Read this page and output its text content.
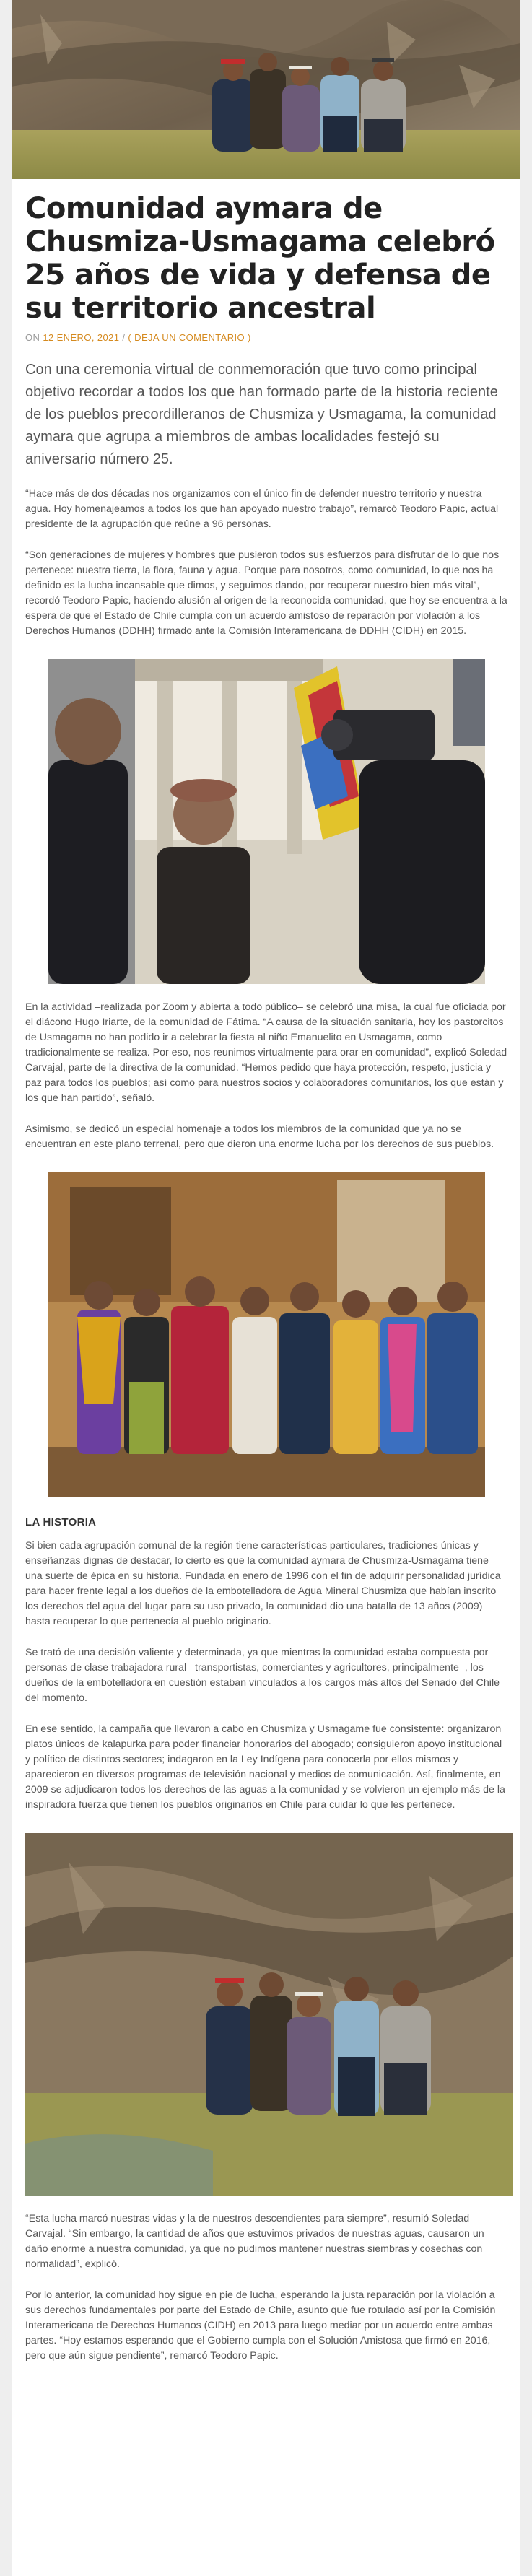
Comunidad aymara de Chusmiza-Usmagama celebró 25 años de vida y defensa de su territorio ancestral
ON 12 ENERO, 2021 / ( DEJA UN COMENTARIO )
Con una ceremonia virtual de conmemoración que tuvo como principal objetivo recordar a todos los que han formado parte de la historia reciente de los pueblos precordilleranos de Chusmiza y Usmagama, la comunidad aymara que agrupa a miembros de ambas localidades festejó su aniversario número 25.

“Hace más de dos décadas nos organizamos con el único fin de defender nuestro territorio y nuestra agua. Hoy homenajeamos a todos los que han apoyado nuestro trabajo”, remarcó Teodoro Papic, actual presidente de la agrupación que reúne a 96 personas.

“Son generaciones de mujeres y hombres que pusieron todos sus esfuerzos para disfrutar de lo que nos pertenece: nuestra tierra, la flora, fauna y agua. Porque para nosotros, como comunidad, lo que nos ha definido es la lucha incansable que dimos, y seguimos dando, por recuperar nuestro bien más vital”, recordó Teodoro Papic, haciendo alusión al origen de la reconocida comunidad, que hoy se encuentra a la espera de que el Estado de Chile cumpla con un acuerdo amistoso de reparación por violación a los Derechos Humanos (DDHH) firmado ante la Comisión Interamericana de DDHH (CIDH) en 2015.

En la actividad –realizada por Zoom y abierta a todo público– se celebró una misa, la cual fue oficiada por el diácono Hugo Iriarte, de la comunidad de Fátima. “A causa de la situación sanitaria, hoy los pastorcitos de Usmagama no han podido ir a celebrar la fiesta al niño Emanuelito en Usmagama, como tradicionalmente se realiza. Por eso, nos reunimos virtualmente para orar en comunidad”, explicó Soledad Carvajal, parte de la directiva de la comunidad. “Hemos pedido que haya protección, respeto, justicia y paz para todos los pueblos; así como para nuestros socios y colaboradores comunitarios, los que están y los que han partido”, señaló.

Asimismo, se dedicó un especial homenaje a todos los miembros de la comunidad que ya no se encuentran en este plano terrenal, pero que dieron una enorme lucha por los derechos de sus pueblos.

LA HISTORIA

Si bien cada agrupación comunal de la región tiene características particulares, tradiciones únicas y enseñanzas dignas de destacar, lo cierto es que la comunidad aymara de Chusmiza-Usmagama tiene una suerte de épica en su historia. Fundada en enero de 1996 con el fin de adquirir personalidad jurídica para hacer frente legal a los dueños de la embotelladora de Agua Mineral Chusmiza que habían inscrito los derechos del agua del lugar para su uso privado, la comunidad dio una batalla de 13 años (2009) hasta recuperar lo que pertenecía al pueblo originario.

Se trató de una decisión valiente y determinada, ya que mientras la comunidad estaba compuesta por personas de clase trabajadora rural –transportistas, comerciantes y agricultores, principalmente–, los dueños de la embotelladora en cuestión estaban vinculados a los cargos más altos del Senado del Chile del momento.

En ese sentido, la campaña que llevaron a cabo en Chusmiza y Usmagame fue consistente: organizaron platos únicos de kalapurka para poder financiar honorarios del abogado; consiguieron apoyo institucional y político de distintos sectores; indagaron en la Ley Indígena para conocerla por ellos mismos y aparecieron en diversos programas de televisión nacional y medios de comunicación. Así, finalmente, en 2009 se adjudicaron todos los derechos de las aguas a la comunidad y se volvieron un ejemplo más de la inspiradora fuerza que tienen los pueblos originarios en Chile para cuidar lo que les pertenece.

“Esta lucha marcó nuestras vidas y la de nuestros descendientes para siempre”, resumió Soledad Carvajal. “Sin embargo, la cantidad de años que estuvimos privados de nuestras aguas, causaron un daño enorme a nuestra comunidad, ya que no pudimos mantener nuestras siembras y cosechas con normalidad”, explicó.

Por lo anterior, la comunidad hoy sigue en pie de lucha, esperando la justa reparación por la violación a sus derechos fundamentales por parte del Estado de Chile, asunto que fue rotulado así por la Comisión Interamericana de Derechos Humanos (CIDH) en 2013 para luego mediar por un acuerdo entre ambas partes. “Hoy estamos esperando que el Gobierno cumpla con el Solución Amistosa que firmó en 2016, pero que aún sigue pendiente”, remarcó Teodoro Papic.
